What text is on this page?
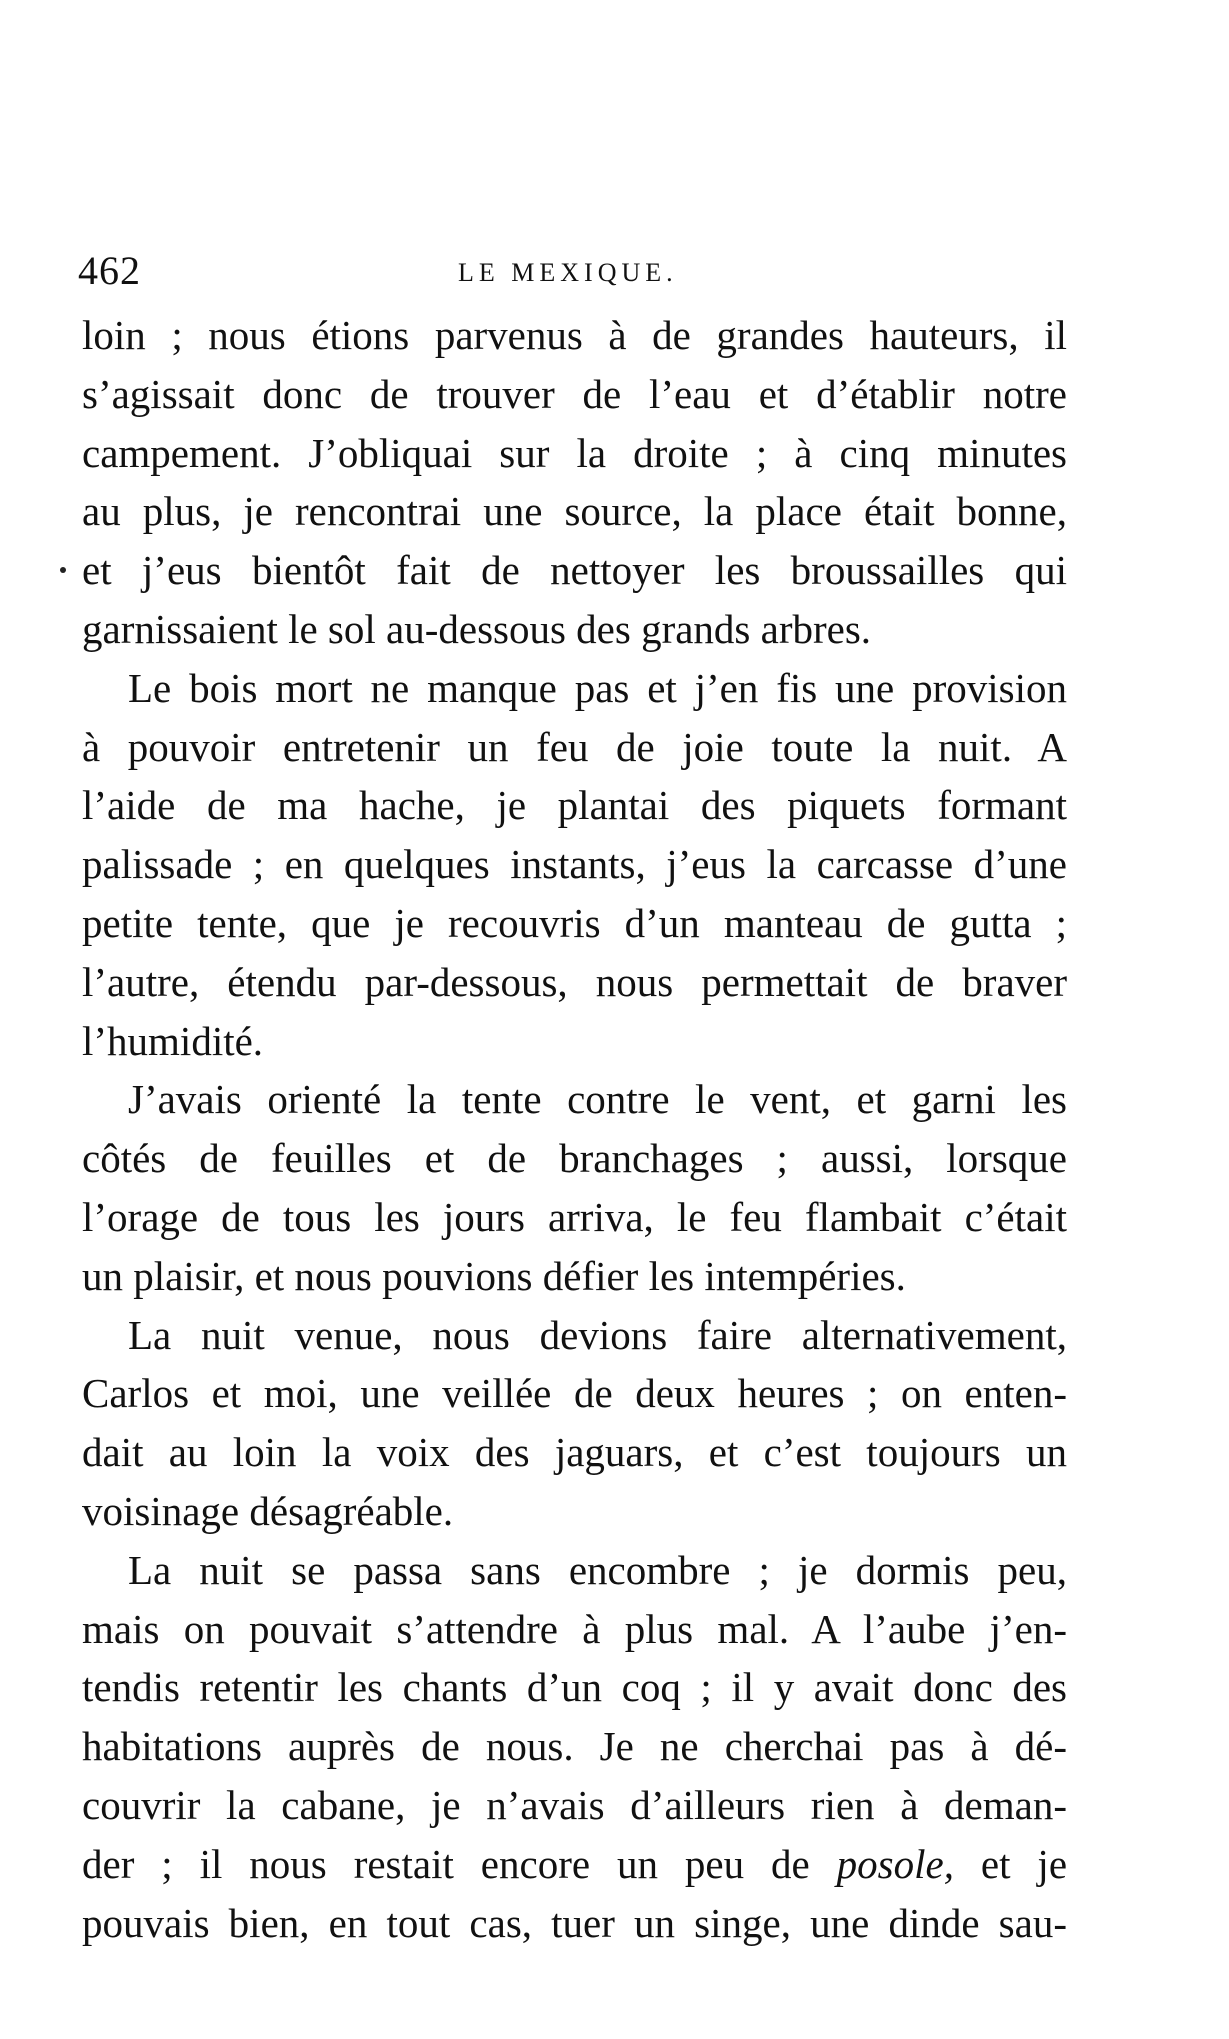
462	LE MEXIQUE.
loin ; nous étions parvenus à de grandes hauteurs, il
s’agissait donc de trouver de l’eau et d’établir notre
campement. J’obliquai sur la droite ; à cinq minutes
au plus, je rencontrai une source, la place était bonne,
et j’eus bientôt fait de nettoyer les broussailles qui
garnissaient le sol au-dessous des grands arbres.
Le bois mort ne manque pas et j’en fis une provision
à pouvoir entretenir un feu de joie toute la nuit. A
l’aide de ma hache, je plantai des piquets formant
palissade ; en quelques instants, j’eus la carcasse d’une
petite tente, que je recouvris d’un manteau de gutta ;
l’autre, étendu par-dessous, nous permettait de braver
l’humidité.
J’avais orienté la tente contre le vent, et garni les
côtés de feuilles et de branchages ; aussi, lorsque
l’orage de tous les jours arriva, le feu flambait c’était
un plaisir, et nous pouvions défier les intempéries.
La nuit venue, nous devions faire alternativement,
Carlos et moi, une veillée de deux heures ; on enten-
dait au loin la voix des jaguars, et c’est toujours un
voisinage désagréable.
La nuit se passa sans encombre ; je dormis peu,
mais on pouvait s’attendre à plus mal. A l’aube j’en-
tendis retentir les chants d’un coq ; il y avait donc des
habitations auprès de nous. Je ne cherchai pas à dé-
couvrir la cabane, je n’avais d’ailleurs rien à deman-
der ; il nous restait encore un peu de posole, et je
pouvais bien, en tout cas, tuer un singe, une dinde sau-
